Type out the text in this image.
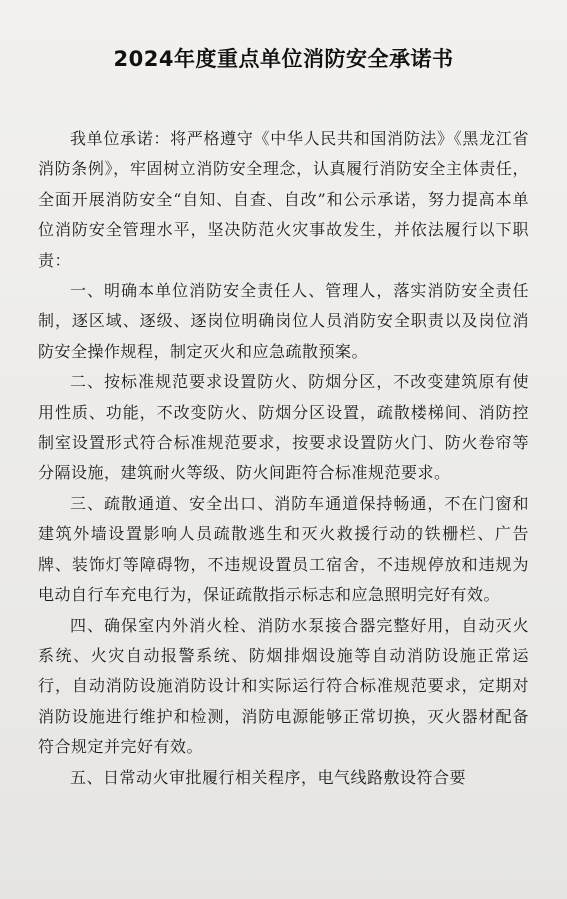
2024年度重点单位消防安全承诺书

我单位承诺：将严格遵守《中华人民共和国消防法》《黑龙江省消防条例》，牢固树立消防安全理念，认真履行消防安全主体责任，全面开展消防安全“自知、自查、自改”和公示承诺，努力提高本单位消防安全管理水平，坚决防范火灾事故发生，并依法履行以下职责：

一、明确本单位消防安全责任人、管理人，落实消防安全责任制，逐区域、逐级、逐岗位明确岗位人员消防安全职责以及岗位消防安全操作规程，制定灭火和应急疏散预案。

二、按标准规范要求设置防火、防烟分区，不改变建筑原有使用性质、功能，不改变防火、防烟分区设置，疏散楼梯间、消防控制室设置形式符合标准规范要求，按要求设置防火门、防火卷帘等分隔设施，建筑耐火等级、防火间距符合标准规范要求。

三、疏散通道、安全出口、消防车通道保持畅通，不在门窗和建筑外墙设置影响人员疏散逃生和灭火救援行动的铁栅栏、广告牌、装饰灯等障碍物，不违规设置员工宿舍，不违规停放和违规为电动自行车充电行为，保证疏散指示标志和应急照明完好有效。

四、确保室内外消火栓、消防水泵接合器完整好用，自动灭火系统、火灾自动报警系统、防烟排烟设施等自动消防设施正常运行，自动消防设施消防设计和实际运行符合标准规范要求，定期对消防设施进行维护和检测，消防电源能够正常切换，灭火器材配备符合规定并完好有效。

五、日常动火审批履行相关程序，电气线路敷设符合要
